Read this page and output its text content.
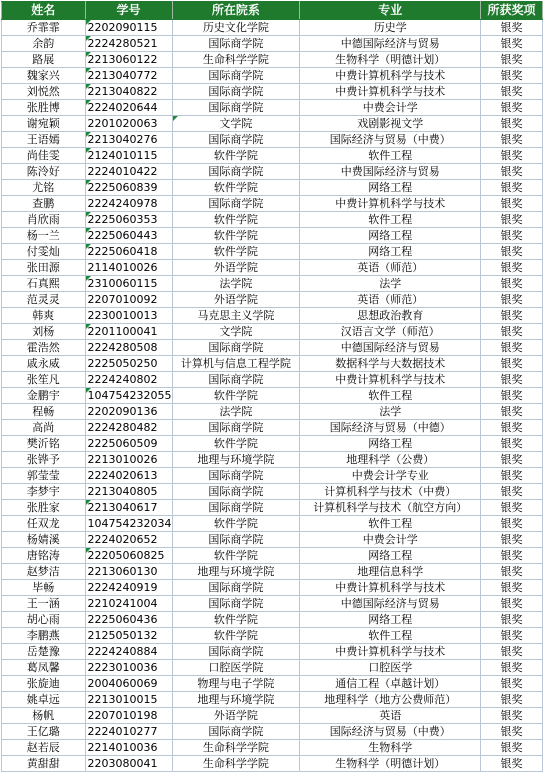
姓名	学号	所在院系	专业	所获奖项
乔霏霏	2202090115	历史文化学院	历史学	银奖
余韵	2224280521	国际商学院	中德国际经济与贸易	银奖
路展	2213060122	生命科学学院	生物科学（明德计划）	银奖
魏家兴	2213040772	国际商学院	中费计算机科学与技术	银奖
刘悦然	2213040822	国际商学院	中费计算机科学与技术	银奖
张胜博	2224020644	国际商学院	中费会计学	银奖
谢宛颖	2201020063	文学院	戏剧影视文学	银奖
王语嫣	2213040276	国际商学院	国际经济与贸易（中费）	银奖
尚佳雯	2124010115	软件学院	软件工程	银奖
陈泠好	2224010422	国际商学院	中费国际经济与贸易	银奖
尤铭	2225060839	软件学院	网络工程	银奖
查鹏	2224240978	国际商学院	中费计算机科学与技术	银奖
肖欣雨	2225060353	软件学院	软件工程	银奖
杨一兰	2225060443	软件学院	网络工程	银奖
付雯灿	2225060418	软件学院	网络工程	银奖
张田源	2114010026	外语学院	英语（师范）	银奖
石真熙	2310060115	法学院	法学	银奖
范灵灵	2207010092	外语学院	英语（师范）	银奖
韩爽	2230010013	马克思主义学院	思想政治教育	银奖
刘杨	2201100041	文学院	汉语言文学（师范）	银奖
霍浩然	2224280508	国际商学院	中德国际经济与贸易	银奖
戚永威	2225050250	计算机与信息工程学院	数据科学与大数据技术	银奖
张笙凡	2224240802	国际商学院	中费计算机科学与技术	银奖
金鹏宇	104754232055	软件学院	软件工程	银奖
程畅	2202090136	法学院	法学	银奖
高尚	2224280482	国际商学院	国际经济与贸易（中德）	银奖
樊沂铭	2225060509	软件学院	网络工程	银奖
张铧予	2213010026	地理与环境学院	地理科学（公费）	银奖
郭莹莹	2224020613	国际商学院	中费会计学专业	银奖
李梦宇	2213040805	国际商学院	计算机科学与技术（中费）	银奖
张胜家	2213040617	国际商学院	计算机科学与技术（航空方向）	银奖
任双龙	104754232034	软件学院	软件工程	银奖
杨婧溪	2224020652	国际商学院	中费会计学	银奖
唐铭涛	22205060825	软件学院	网络工程	银奖
赵梦洁	2213060130	地理与环境学院	地理信息科学	银奖
毕畅	2224240919	国际商学院	中费计算机科学与技术	银奖
王一涵	2210241004	国际商学院	中德国际经济与贸易	银奖
胡心雨	2225060436	软件学院	网络工程	银奖
李鹏燕	2125050132	软件学院	软件工程	银奖
岳楚豫	2224240884	国际商学院	中费计算机科学与技术	银奖
葛凤馨	2223010036	口腔医学院	口腔医学	银奖
张旋迪	2004060069	物理与电子学院	通信工程（卓越计划）	银奖
姚卓远	2213010015	地理与环境学院	地理科学（地方公费师范）	银奖
杨帆	2207010198	外语学院	英语	银奖
王亿璐	2224010277	国际商学院	国际经济与贸易（中费）	银奖
赵若辰	2214010036	生命科学学院	生物科学	银奖
黄甜甜	2203080041	生命科学学院	生物科学（明德计划）	银奖
